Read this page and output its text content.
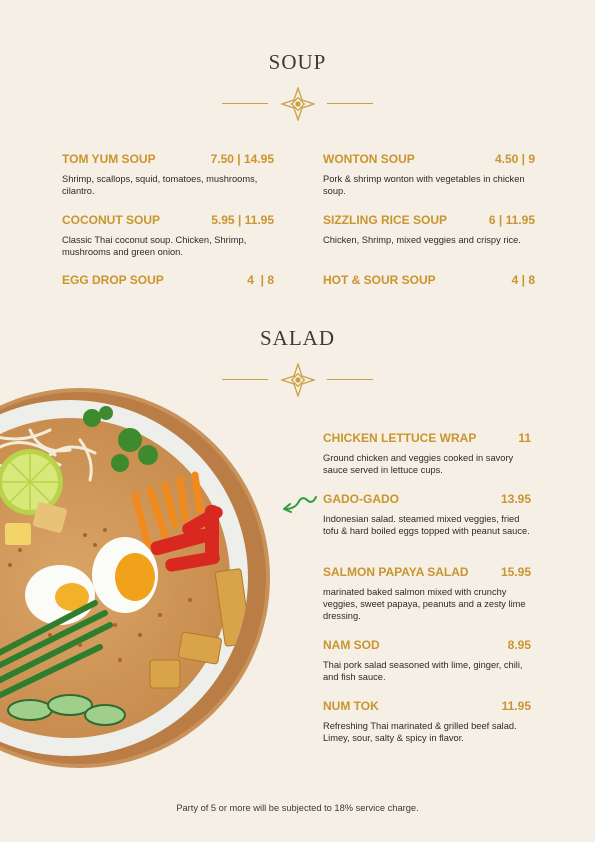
SOUP
TOM YUM SOUP	7.50 | 14.95
Shrimp, scallops, squid, tomatoes, mushrooms, cilantro.
WONTON SOUP	4.50 | 9
Pork & shrimp wonton with vegetables in chicken soup.
COCONUT SOUP	5.95 | 11.95
Classic Thai coconut soup. Chicken, Shrimp, mushrooms and green onion.
SIZZLING RICE SOUP	6 | 11.95
Chicken, Shrimp, mixed veggies and crispy rice.
EGG DROP SOUP	4  | 8	HOT & SOUR SOUP	4 | 8
SALAD
CHICKEN LETTUCE WRAP	11
Ground chicken and veggies cooked in savory sauce served in lettuce cups.
GADO-GADO	13.95
Indonesian salad. steamed mixed veggies, fried tofu & hard boiled eggs topped with peanut sauce.
SALMON PAPAYA SALAD	15.95
marinated baked salmon mixed with crunchy veggies, sweet papaya, peanuts and a zesty lime dressing.
NAM SOD	8.95
Thai pork salad seasoned with lime, ginger, chili, and fish sauce.
NUM TOK	11.95
Refreshing Thai marinated & grilled beef salad. Limey, sour, salty & spicy in flavor.
Party of 5 or more will be subjected to 18% service charge.
